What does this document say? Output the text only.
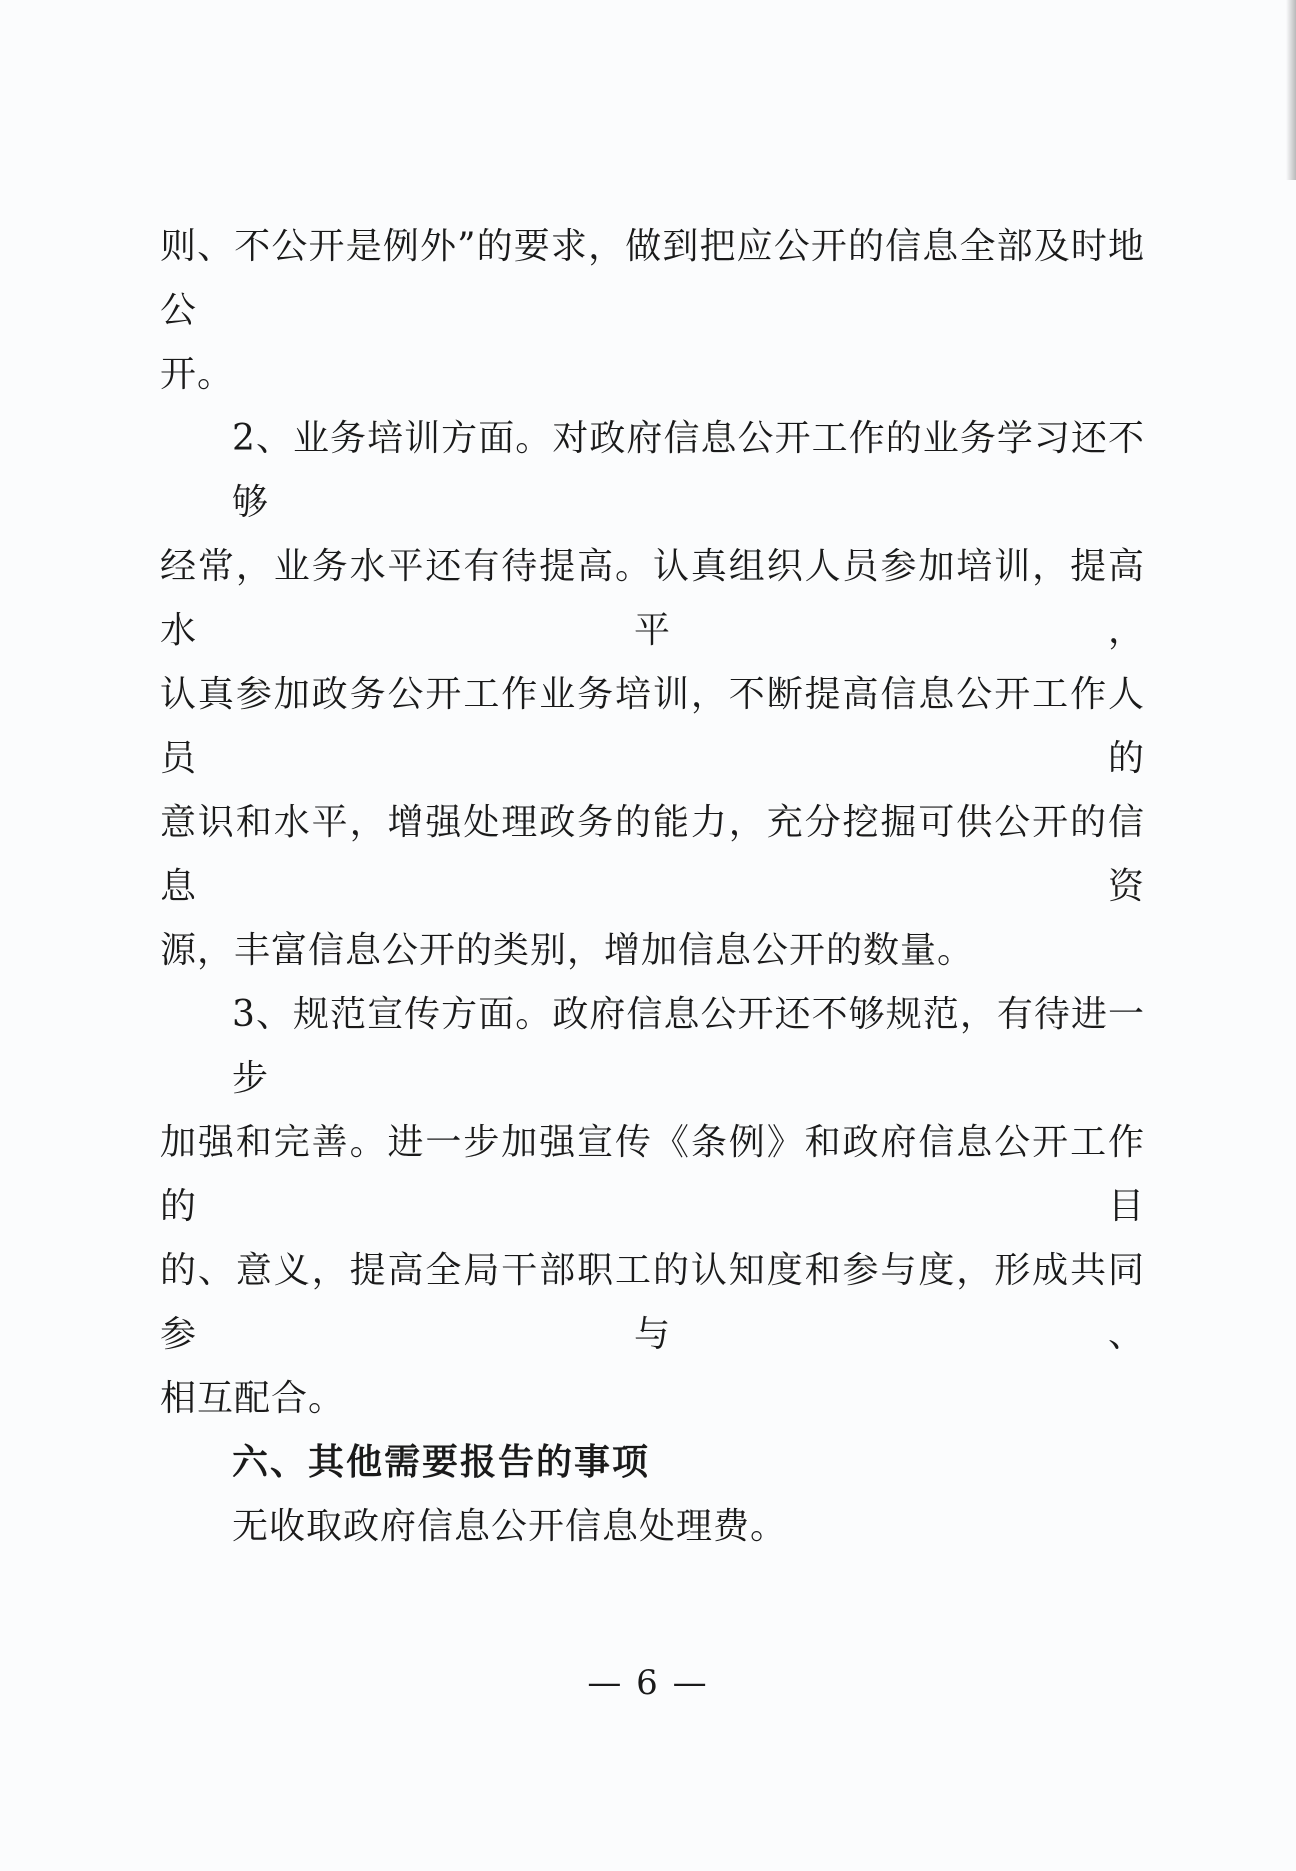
则、不公开是例外”的要求，做到把应公开的信息全部及时地公
开。
2、业务培训方面。对政府信息公开工作的业务学习还不够
经常，业务水平还有待提高。认真组织人员参加培训，提高水平，
认真参加政务公开工作业务培训，不断提高信息公开工作人员的
意识和水平，增强处理政务的能力，充分挖掘可供公开的信息资
源，丰富信息公开的类别，增加信息公开的数量。
3、规范宣传方面。政府信息公开还不够规范，有待进一步
加强和完善。进一步加强宣传《条例》和政府信息公开工作的目
的、意义，提高全局干部职工的认知度和参与度，形成共同参与、
相互配合。
六、其他需要报告的事项
无收取政府信息公开信息处理费。
— 6 —
